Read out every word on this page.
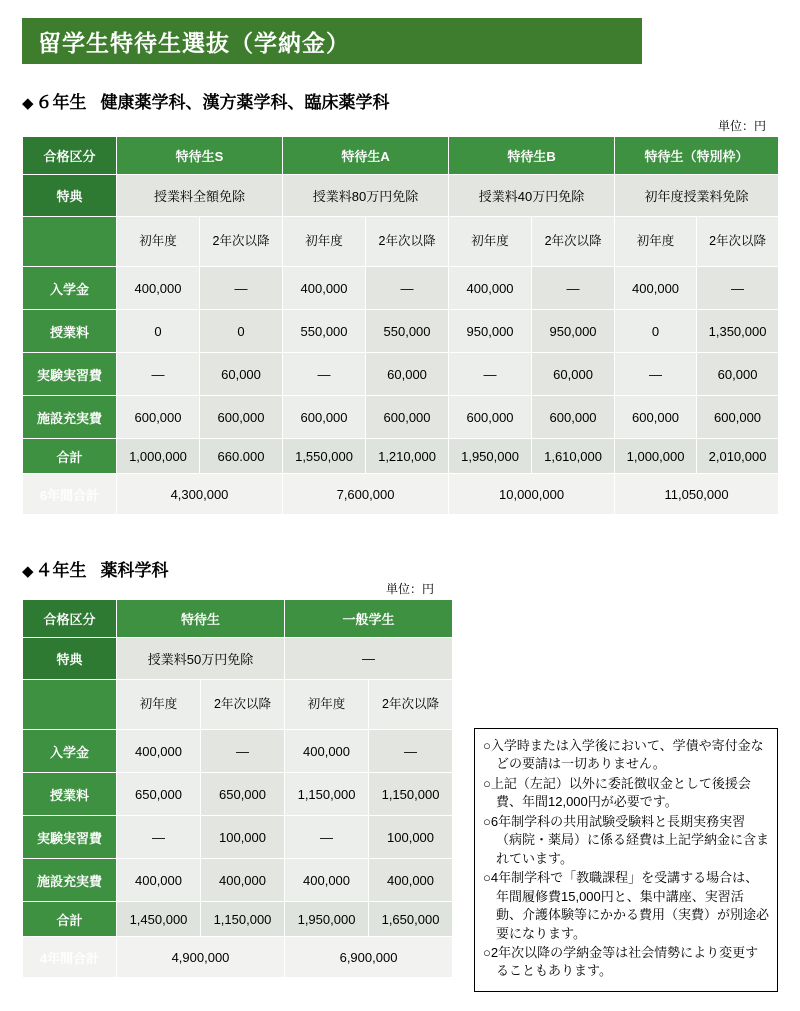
留学生特待生選抜（学納金）
◆ ６年生 健康薬学科、漢方薬学科、臨床薬学科
単位：円
合格区分	特待生S		特待生A		特待生B		特待生（特別枠）	
特典	授業料全額免除		授業料80万円免除		授業料40万円免除		初年度授業料免除	
	初年度	2年次以降	初年度	2年次以降	初年度	2年次以降	初年度	2年次以降
入学金	400,000	—	400,000	—	400,000	—	400,000	—
授業料	0	0	550,000	550,000	950,000	950,000	0	1,350,000
実験実習費	—	60,000	—	60,000	—	60,000	—	60,000
施設充実費	600,000	600,000	600,000	600,000	600,000	600,000	600,000	600,000
合計	1,000,000	660.000	1,550,000	1,210,000	1,950,000	1,610,000	1,000,000	2,010,000
6年間合計	4,300,000		7,600,000		10,000,000		11,050,000	
◆ ４年生 薬科学科
単位：円
合格区分	特待生		一般学生	
特典	授業料50万円免除		—	
	初年度	2年次以降	初年度	2年次以降
入学金	400,000	—	400,000	—
授業料	650,000	650,000	1,150,000	1,150,000
実験実習費	—	100,000	—	100,000
施設充実費	400,000	400,000	400,000	400,000
合計	1,450,000	1,150,000	1,950,000	1,650,000
4年間合計	4,900,000		6,900,000	
○入学時または入学後において、学債や寄付金などの要請は一切ありません。
○上記（左記）以外に委託徴収金として後援会費、年間12,000円が必要です。
○6年制学科の共用試験受験料と長期実務実習（病院・薬局）に係る経費は上記学納金に含まれています。
○4年制学科で「教職課程」を受講する場合は、年間履修費15,000円と、集中講座、実習活動、介護体験等にかかる費用（実費）が別途必要になります。
○2年次以降の学納金等は社会情勢により変更することもあります。
